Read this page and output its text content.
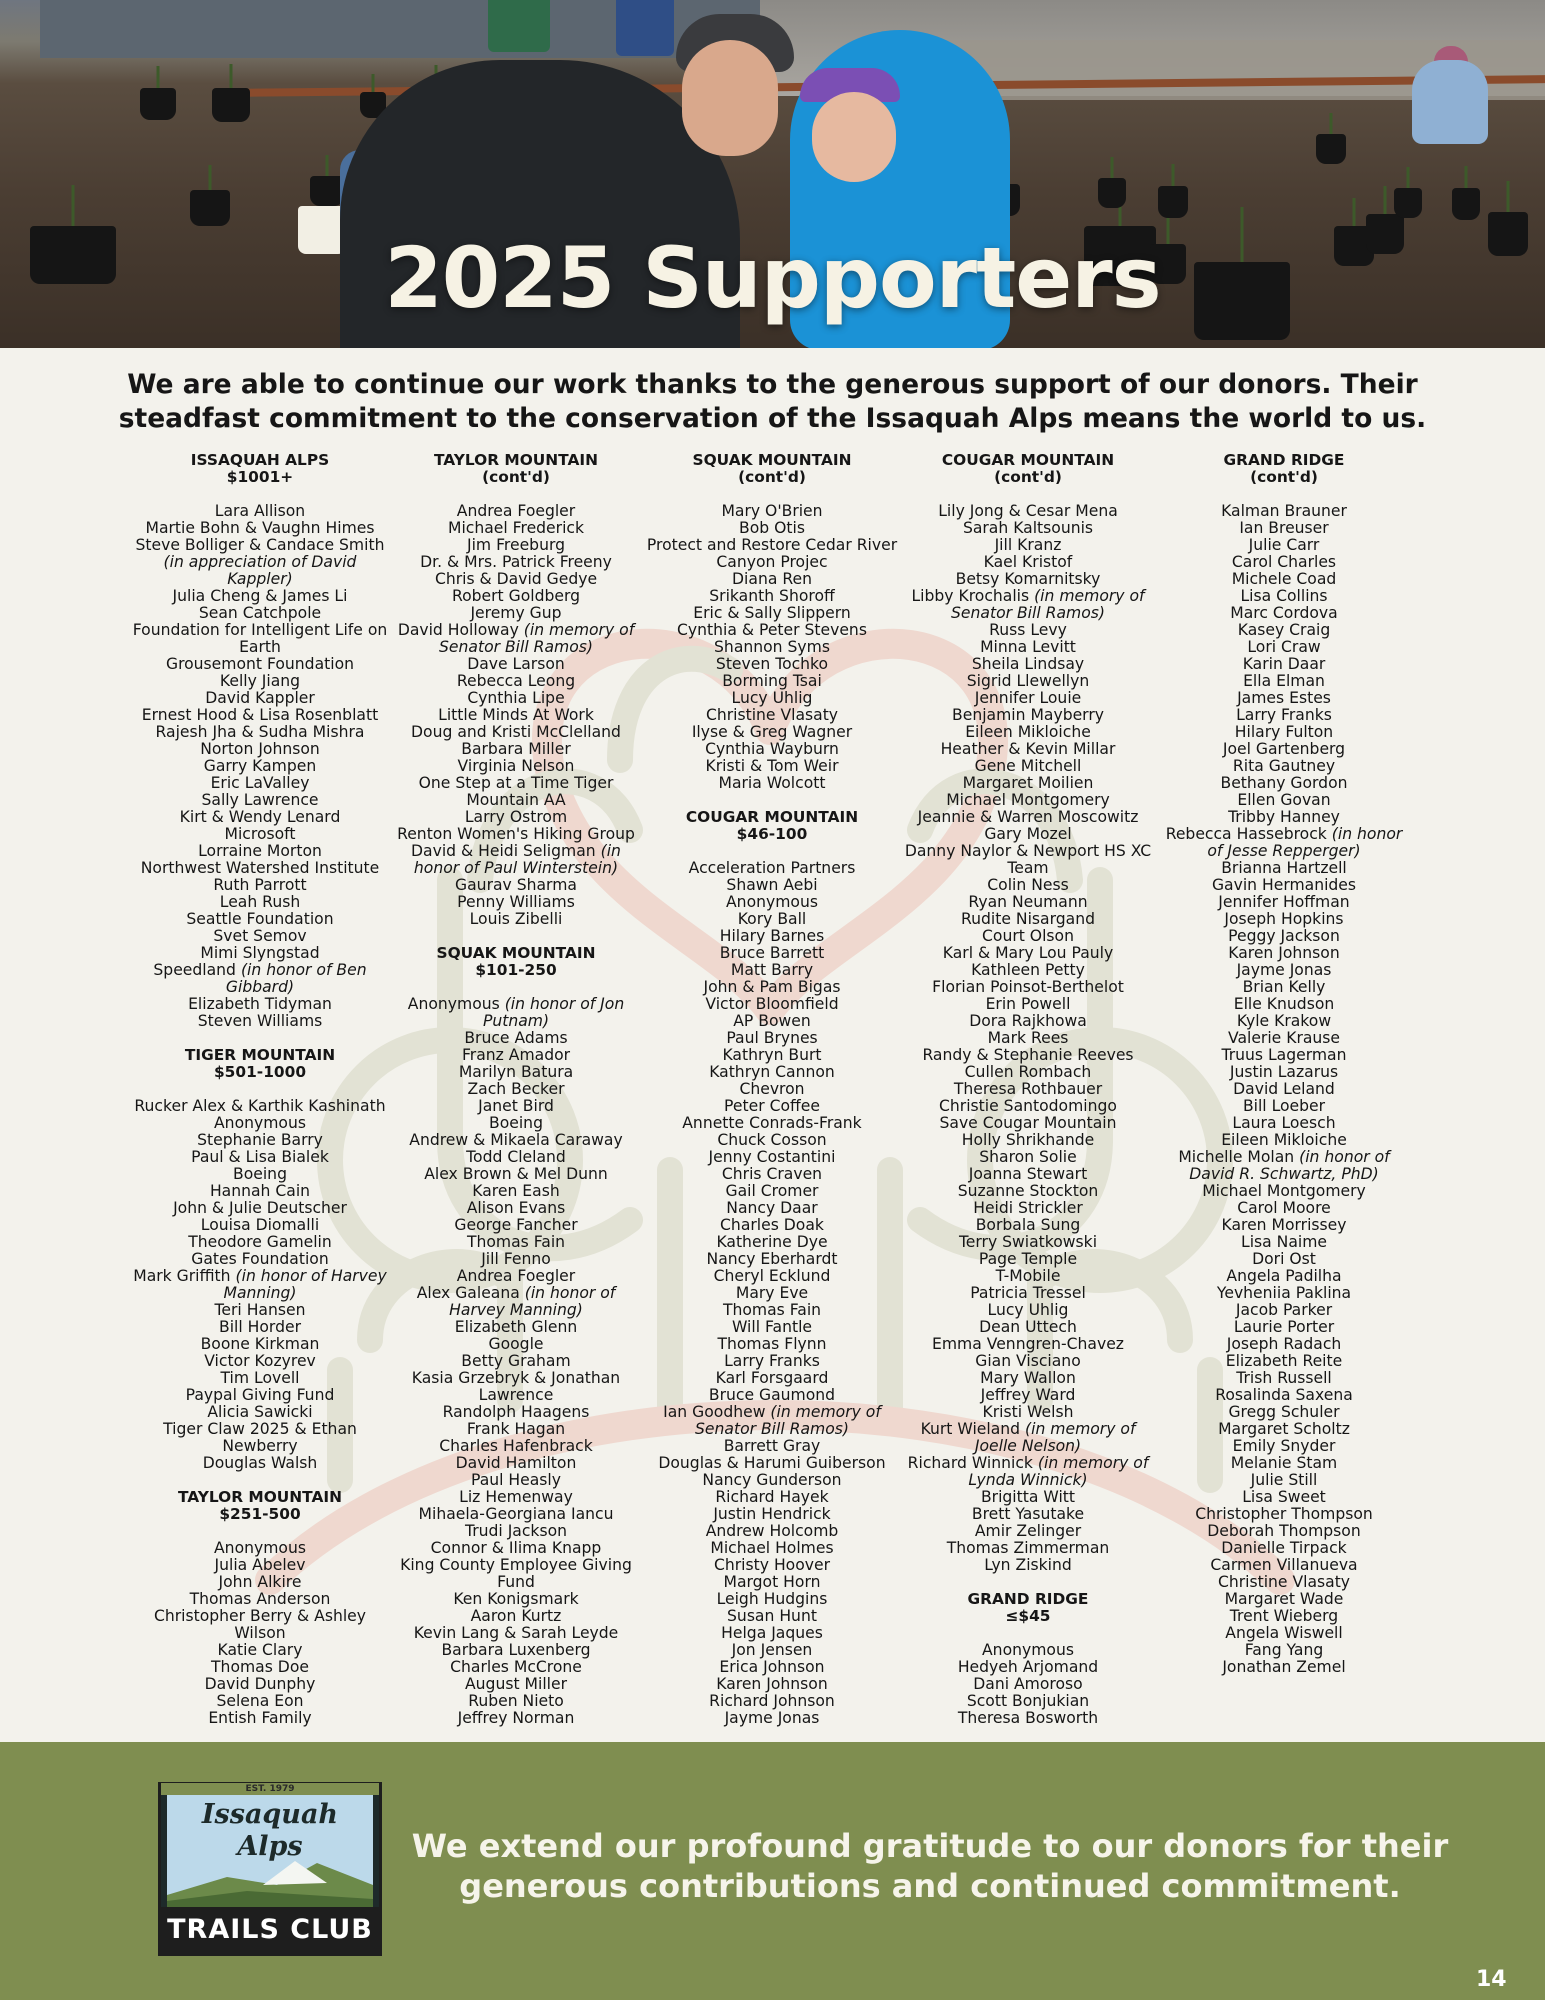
2025 Supporters

We are able to continue our work thanks to the generous support of our donors. Their steadfast commitment to the conservation of the Issaquah Alps means the world to us.

ISSAQUAH ALPS
$1001+
Lara Allison
Martie Bohn & Vaughn Himes
Steve Bolliger & Candace Smith
(in appreciation of David Kappler)
Julia Cheng & James Li
Sean Catchpole
Foundation for Intelligent Life on Earth
Grousemont Foundation
Kelly Jiang
David Kappler
Ernest Hood & Lisa Rosenblatt
Rajesh Jha & Sudha Mishra
Norton Johnson
Garry Kampen
Eric LaValley
Sally Lawrence
Kirt & Wendy Lenard
Microsoft
Lorraine Morton
Northwest Watershed Institute
Ruth Parrott
Leah Rush
Seattle Foundation
Svet Semov
Mimi Slyngstad
Speedland (in honor of Ben Gibbard)
Elizabeth Tidyman
Steven Williams
TIGER MOUNTAIN
$501-1000
Rucker Alex & Karthik Kashinath
Anonymous
Stephanie Barry
Paul & Lisa Bialek
Boeing
Hannah Cain
John & Julie Deutscher
Louisa Diomalli
Theodore Gamelin
Gates Foundation
Mark Griffith (in honor of Harvey Manning)
Teri Hansen
Bill Horder
Boone Kirkman
Victor Kozyrev
Tim Lovell
Paypal Giving Fund
Alicia Sawicki
Tiger Claw 2025 & Ethan Newberry
Douglas Walsh
TAYLOR MOUNTAIN
$251-500
Anonymous
Julia Abelev
John Alkire
Thomas Anderson
Christopher Berry & Ashley Wilson
Katie Clary
Thomas Doe
David Dunphy
Selena Eon
Entish Family
TAYLOR MOUNTAIN
(cont'd)
Andrea Foegler
Michael Frederick
Jim Freeburg
Dr. & Mrs. Patrick Freeny
Chris & David Gedye
Robert Goldberg
Jeremy Gup
David Holloway (in memory of Senator Bill Ramos)
Dave Larson
Rebecca Leong
Cynthia Lipe
Little Minds At Work
Doug and Kristi McClelland
Barbara Miller
Virginia Nelson
One Step at a Time Tiger Mountain AA
Larry Ostrom
Renton Women's Hiking Group
David & Heidi Seligman (in honor of Paul Winterstein)
Gaurav Sharma
Penny Williams
Louis Zibelli
SQUAK MOUNTAIN
$101-250
Anonymous (in honor of Jon Putnam)
Bruce Adams
Franz Amador
Marilyn Batura
Zach Becker
Janet Bird
Boeing
Andrew & Mikaela Caraway
Todd Cleland
Alex Brown & Mel Dunn
Karen Eash
Alison Evans
George Fancher
Thomas Fain
Jill Fenno
Andrea Foegler
Alex Galeana (in honor of Harvey Manning)
Elizabeth Glenn
Google
Betty Graham
Kasia Grzebryk & Jonathan Lawrence
Randolph Haagens
Frank Hagan
Charles Hafenbrack
David Hamilton
Paul Heasly
Liz Hemenway
Mihaela-Georgiana Iancu
Trudi Jackson
Connor & Ilima Knapp
King County Employee Giving Fund
Ken Konigsmark
Aaron Kurtz
Kevin Lang & Sarah Leyde
Barbara Luxenberg
Charles McCrone
August Miller
Ruben Nieto
Jeffrey Norman
SQUAK MOUNTAIN
(cont'd)
Mary O'Brien
Bob Otis
Protect and Restore Cedar River Canyon Projec
Diana Ren
Srikanth Shoroff
Eric & Sally Slippern
Cynthia & Peter Stevens
Shannon Syms
Steven Tochko
Borming Tsai
Lucy Uhlig
Christine Vlasaty
Ilyse & Greg Wagner
Cynthia Wayburn
Kristi & Tom Weir
Maria Wolcott
COUGAR MOUNTAIN
$46-100
Acceleration Partners
Shawn Aebi
Anonymous
Kory Ball
Hilary Barnes
Bruce Barrett
Matt Barry
John & Pam Bigas
Victor Bloomfield
AP Bowen
Paul Brynes
Kathryn Burt
Kathryn Cannon
Chevron
Peter Coffee
Annette Conrads-Frank
Chuck Cosson
Jenny Costantini
Chris Craven
Gail Cromer
Nancy Daar
Charles Doak
Katherine Dye
Nancy Eberhardt
Cheryl Ecklund
Mary Eve
Thomas Fain
Will Fantle
Thomas Flynn
Larry Franks
Karl Forsgaard
Bruce Gaumond
Ian Goodhew (in memory of Senator Bill Ramos)
Barrett Gray
Douglas & Harumi Guiberson
Nancy Gunderson
Richard Hayek
Justin Hendrick
Andrew Holcomb
Michael Holmes
Christy Hoover
Margot Horn
Leigh Hudgins
Susan Hunt
Helga Jaques
Jon Jensen
Erica Johnson
Karen Johnson
Richard Johnson
Jayme Jonas
COUGAR MOUNTAIN
(cont'd)
Lily Jong & Cesar Mena
Sarah Kaltsounis
Jill Kranz
Kael Kristof
Betsy Komarnitsky
Libby Krochalis (in memory of Senator Bill Ramos)
Russ Levy
Minna Levitt
Sheila Lindsay
Sigrid Llewellyn
Jennifer Louie
Benjamin Mayberry
Eileen Mikloiche
Heather & Kevin Millar
Gene Mitchell
Margaret Moilien
Michael Montgomery
Jeannie & Warren Moscowitz
Gary Mozel
Danny Naylor & Newport HS XC Team
Colin Ness
Ryan Neumann
Rudite Nisargand
Court Olson
Karl & Mary Lou Pauly
Kathleen Petty
Florian Poinsot-Berthelot
Erin Powell
Dora Rajkhowa
Mark Rees
Randy & Stephanie Reeves
Cullen Rombach
Theresa Rothbauer
Christie Santodomingo
Save Cougar Mountain
Holly Shrikhande
Sharon Solie
Joanna Stewart
Suzanne Stockton
Heidi Strickler
Borbala Sung
Terry Swiatkowski
Page Temple
T-Mobile
Patricia Tressel
Lucy Uhlig
Dean Uttech
Emma Venngren-Chavez
Gian Visciano
Mary Wallon
Jeffrey Ward
Kristi Welsh
Kurt Wieland (in memory of Joelle Nelson)
Richard Winnick (in memory of Lynda Winnick)
Brigitta Witt
Brett Yasutake
Amir Zelinger
Thomas Zimmerman
Lyn Ziskind
GRAND RIDGE
≤$45
Anonymous
Hedyeh Arjomand
Dani Amoroso
Scott Bonjukian
Theresa Bosworth
GRAND RIDGE
(cont'd)
Kalman Brauner
Ian Breuser
Julie Carr
Carol Charles
Michele Coad
Lisa Collins
Marc Cordova
Kasey Craig
Lori Craw
Karin Daar
Ella Elman
James Estes
Larry Franks
Hilary Fulton
Joel Gartenberg
Rita Gautney
Bethany Gordon
Ellen Govan
Tribby Hanney
Rebecca Hassebrock (in honor of Jesse Repperger)
Brianna Hartzell
Gavin Hermanides
Jennifer Hoffman
Joseph Hopkins
Peggy Jackson
Karen Johnson
Jayme Jonas
Brian Kelly
Elle Knudson
Kyle Krakow
Valerie Krause
Truus Lagerman
Justin Lazarus
David Leland
Bill Loeber
Laura Loesch
Eileen Mikloiche
Michelle Molan (in honor of David R. Schwartz, PhD)
Michael Montgomery
Carol Moore
Karen Morrissey
Lisa Naime
Dori Ost
Angela Padilha
Yevheniia Paklina
Jacob Parker
Laurie Porter
Joseph Radach
Elizabeth Reite
Trish Russell
Rosalinda Saxena
Gregg Schuler
Margaret Scholtz
Emily Snyder
Melanie Stam
Julie Still
Lisa Sweet
Christopher Thompson
Deborah Thompson
Danielle Tirpack
Carmen Villanueva
Christine Vlasaty
Margaret Wade
Trent Wieberg
Angela Wiswell
Fang Yang
Jonathan Zemel
Issaquah Alps
EST. 1979
TRAILS CLUB

We extend our profound gratitude to our donors for their generous contributions and continued commitment.

14
